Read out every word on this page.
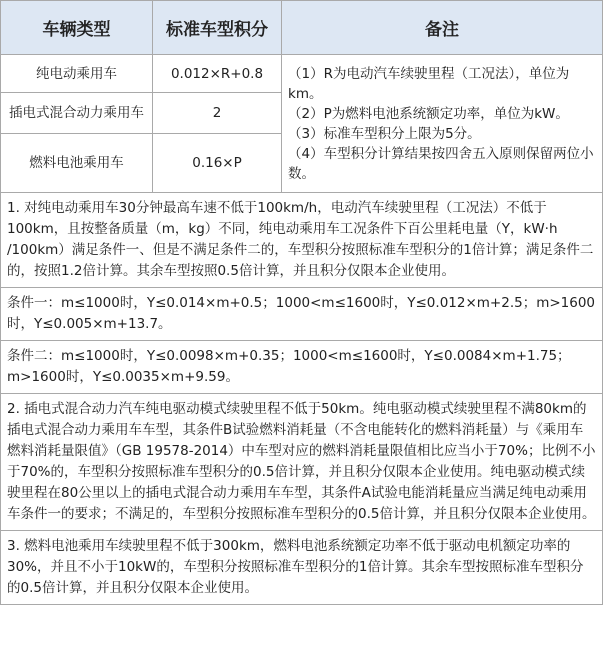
车辆类型	标准车型积分	备注
纯电动乘用车	0.012×R+0.8	（1）R为电动汽车续驶里程（工况法），单位为km。

（2）P为燃料电池系统额定功率，单位为kW。

（3）标准车型积分上限为5分。

（4）车型积分计算结果按四舍五入原则保留两位小数。

插电式混合动力乘用车	2	
燃料电池乘用车	0.16×P	
1. 对纯电动乘用车30分钟最高车速不低于100km/h，电动汽车续驶里程（工况法）不低于100km，且按整备质量（m，kg）不同，纯电动乘用车工况条件下百公里耗电量（Y，kW·h /100km）满足条件一、但是不满足条件二的，车型积分按照标准车型积分的1倍计算；满足条件二的，按照1.2倍计算。其余车型按照0.5倍计算，并且积分仅限本企业使用。		
条件一：m≤1000时，Y≤0.014×m+0.5；1000<m≤1600时，Y≤0.012×m+2.5；m>1600时，Y≤0.005×m+13.7。		
条件二：m≤1000时，Y≤0.0098×m+0.35；1000<m≤1600时，Y≤0.0084×m+1.75；m>1600时，Y≤0.0035×m+9.59。		
2. 插电式混合动力汽车纯电驱动模式续驶里程不低于50km。纯电驱动模式续驶里程不满80km的插电式混合动力乘用车车型，其条件B试验燃料消耗量（不含电能转化的燃料消耗量）与《乘用车燃料消耗量限值》（GB 19578-2014）中车型对应的燃料消耗量限值相比应当小于70%；比例不小于70%的，车型积分按照标准车型积分的0.5倍计算，并且积分仅限本企业使用。纯电驱动模式续驶里程在80公里以上的插电式混合动力乘用车车型，其条件A试验电能消耗量应当满足纯电动乘用车条件一的要求；不满足的，车型积分按照标准车型积分的0.5倍计算，并且积分仅限本企业使用。		
3. 燃料电池乘用车续驶里程不低于300km，燃料电池系统额定功率不低于驱动电机额定功率的30%，并且不小于10kW的，车型积分按照标准车型积分的1倍计算。其余车型按照标准车型积分的0.5倍计算，并且积分仅限本企业使用。		
